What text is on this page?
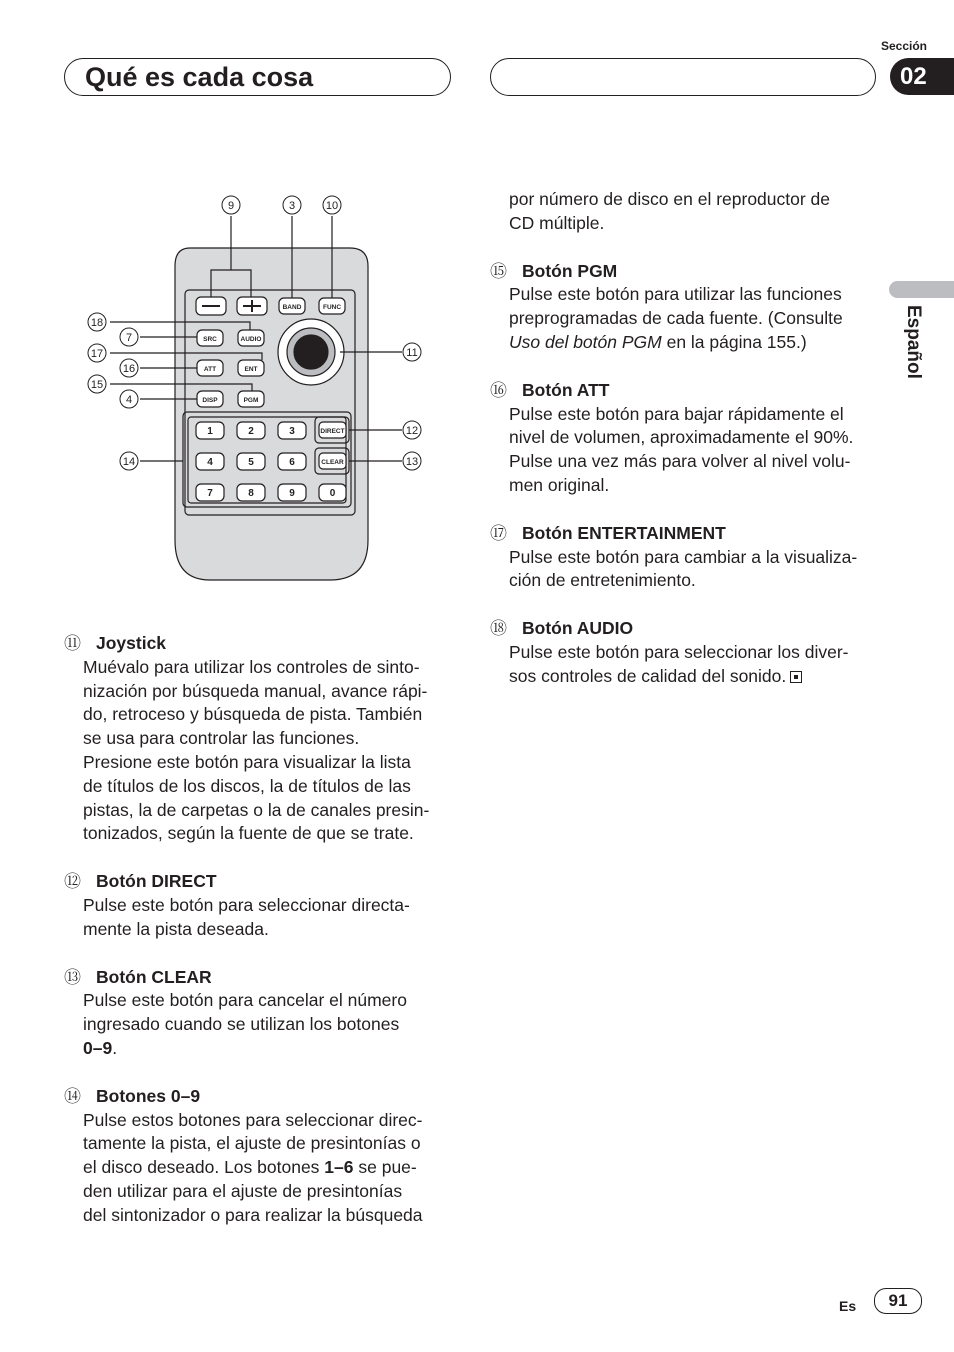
Qué es cada cosa
Sección
02
Español
BAND	FUNC
SRC	AUDIO
ATT	ENT
DISP	PGM
DIRECT
CLEAR
1	2	3
4	5	6
7	8	9	0
9	3	10
18
7
17
16
15
4
14
11
12
13
⑪ Joystick
Muévalo para utilizar los controles de sinto-
nización por búsqueda manual, avance rápi-
do, retroceso y búsqueda de pista. También
se usa para controlar las funciones.
Presione este botón para visualizar la lista
de títulos de los discos, la de títulos de las
pistas, la de carpetas o la de canales presin-
tonizados, según la fuente de que se trate.
⑫ Botón DIRECT
Pulse este botón para seleccionar directa-
mente la pista deseada.
⑬ Botón CLEAR
Pulse este botón para cancelar el número
ingresado cuando se utilizan los botones
0–9.
⑭ Botones 0–9
Pulse estos botones para seleccionar direc-
tamente la pista, el ajuste de presintonías o
el disco deseado. Los botones 1–6 se pue-
den utilizar para el ajuste de presintonías
del sintonizador o para realizar la búsqueda
por número de disco en el reproductor de
CD múltiple.
⑮ Botón PGM
Pulse este botón para utilizar las funciones
preprogramadas de cada fuente. (Consulte
Uso del botón PGM en la página 155.)
⑯ Botón ATT
Pulse este botón para bajar rápidamente el
nivel de volumen, aproximadamente el 90%.
Pulse una vez más para volver al nivel volu-
men original.
⑰ Botón ENTERTAINMENT
Pulse este botón para cambiar a la visualiza-
ción de entretenimiento.
⑱ Botón AUDIO
Pulse este botón para seleccionar los diver-
sos controles de calidad del sonido.
Es	91
